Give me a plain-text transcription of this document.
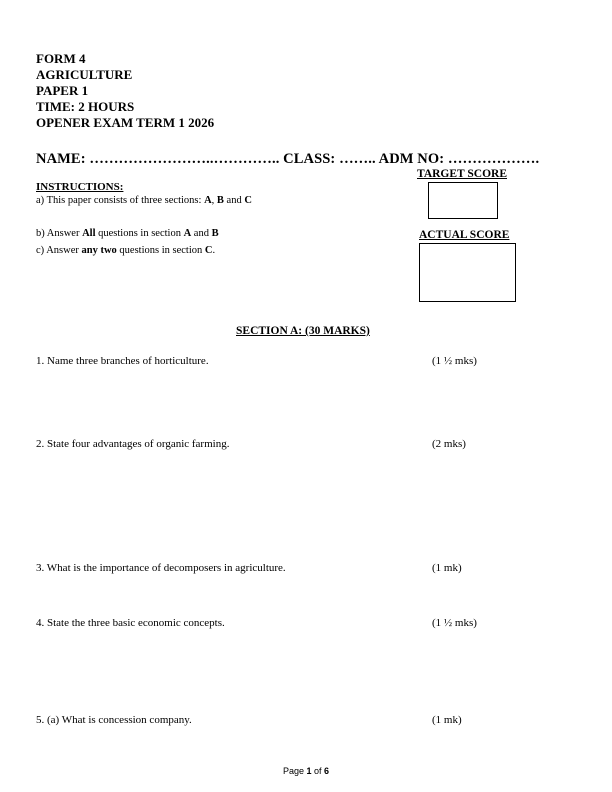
FORM 4
AGRICULTURE
PAPER 1
TIME: 2 HOURS
OPENER EXAM TERM 1 2026
NAME: ……………………..………….. CLASS: …….. ADM NO: ……………….
INSTRUCTIONS:
a) This paper consists of three sections: A, B and C
b) Answer All questions in section A and B
c) Answer any two questions in section C.
TARGET SCORE
ACTUAL SCORE
SECTION A: (30 MARKS)
1. Name three branches of horticulture.	(1 ½ mks)
2. State four advantages of organic farming.	(2 mks)
3. What is the importance of decomposers in agriculture.	(1 mk)
4. State the three basic economic concepts.	(1 ½ mks)
5. (a) What is concession company.	(1 mk)
Page 1 of 6
